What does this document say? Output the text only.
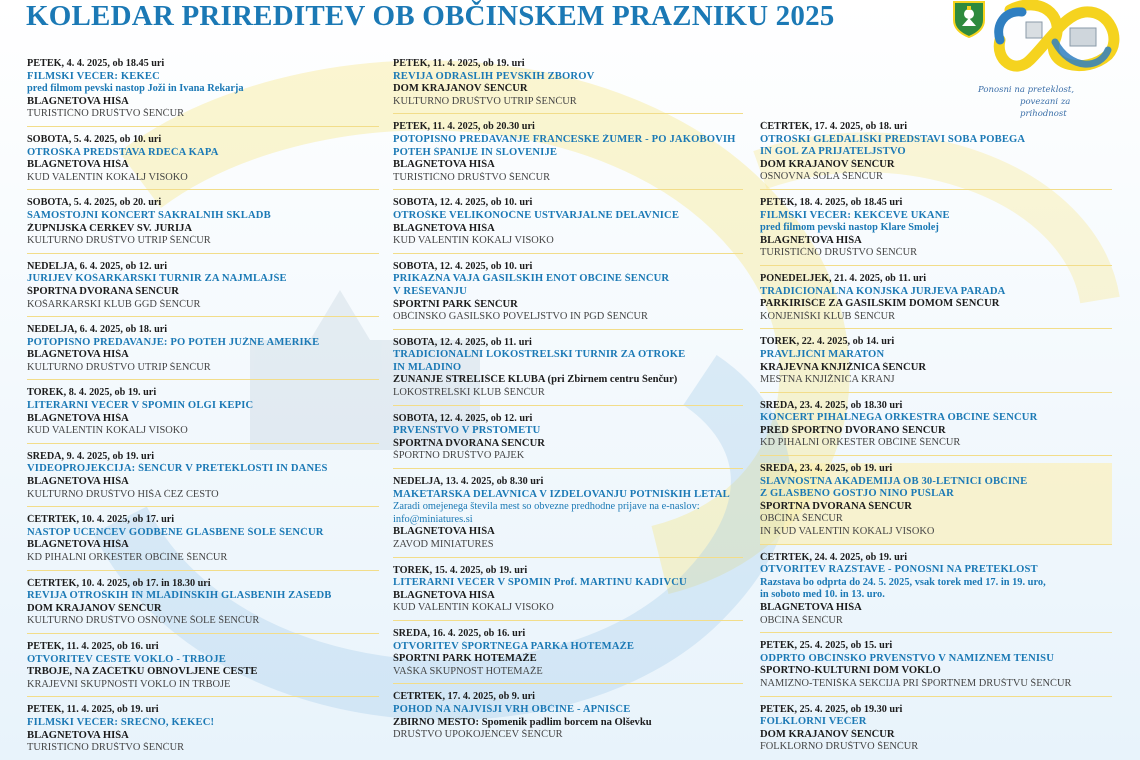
KOLEDAR PRIREDITEV OB OBČINSKEM PRAZNIKU 2025
Ponosni na preteklost,
povezani za prihodnost
PETEK, 4. 4. 2025, ob 18.45 uri
FILMSKI VEČER: KEKEC
pred filmom pevski nastop Joži in Ivana Rekarja
BLAGNETOVA HIŠA
TURISTIČNO DRUŠTVO ŠENČUR
SOBOTA, 5. 4. 2025, ob 10. uri
OTROŠKA PREDSTAVA RDEČA KAPA
BLAGNETOVA HIŠA
KUD VALENTIN KOKALJ VISOKO
SOBOTA, 5. 4. 2025, ob 20. uri
SAMOSTOJNI KONCERT SAKRALNIH SKLADB
ŽUPNIJSKA CERKEV SV. JURIJA
KULTURNO DRUŠTVO UTRIP ŠENČUR
NEDELJA, 6. 4. 2025, ob 12. uri
JURIJEV KOŠARKARSKI TURNIR ZA NAJMLAJŠE
ŠPORTNA DVORANA ŠENČUR
KOŠARKARSKI KLUB GGD ŠENČUR
NEDELJA, 6. 4. 2025, ob 18. uri
POTOPISNO PREDAVANJE: PO POTEH JUŽNE AMERIKE
BLAGNETOVA HIŠA
KULTURNO DRUŠTVO UTRIP ŠENČUR
TOREK, 8. 4. 2025, ob 19. uri
LITERARNI VEČER V SPOMIN OLGI KEPIC
BLAGNETOVA HIŠA
KUD VALENTIN KOKALJ VISOKO
SREDA, 9. 4. 2025, ob 19. uri
VIDEOPROJEKCIJA: ŠENČUR V PRETEKLOSTI IN DANES
BLAGNETOVA HIŠA
KULTURNO DRUŠTVO HIŠA ČEZ CESTO
ČETRTEK, 10. 4. 2025, ob 17. uri
NASTOP UČENCEV GODBENE GLASBENE ŠOLE ŠENČUR
BLAGNETOVA HIŠA
KD PIHALNI ORKESTER OBČINE ŠENČUR
ČETRTEK, 10. 4. 2025, ob 17. in 18.30 uri
REVIJA OTROŠKIH IN MLADINSKIH GLASBENIH ZASEDB
DOM KRAJANOV ŠENČUR
KULTURNO DRUŠTVO OSNOVNE ŠOLE ŠENČUR
PETEK, 11. 4. 2025, ob 16. uri
OTVORITEV CESTE VOKLO - TRBOJE
TRBOJE, NA ZAČETKU OBNOVLJENE CESTE
KRAJEVNI SKUPNOSTI VOKLO IN TRBOJE
PETEK, 11. 4. 2025, ob 19. uri
FILMSKI VEČER: SREČNO, KEKEC!
BLAGNETOVA HIŠA
TURISTIČNO DRUŠTVO ŠENČUR
PETEK, 11. 4. 2025, ob 19. uri
REVIJA ODRASLIH PEVSKIH ZBOROV
DOM KRAJANOV ŠENČUR
KULTURNO DRUŠTVO UTRIP ŠENČUR
PETEK, 11. 4. 2025, ob 20.30 uri
POTOPISNO PREDAVANJE FRANCESKE ŽUMER - PO JAKOBOVIH
POTEH ŠPANIJE IN SLOVENIJE
BLAGNETOVA HIŠA
TURISTIČNO DRUŠTVO ŠENČUR
SOBOTA, 12. 4. 2025, ob 10. uri
OTROŠKE VELIKONOČNE USTVARJALNE DELAVNICE
BLAGNETOVA HIŠA
KUD VALENTIN KOKALJ VISOKO
SOBOTA, 12. 4. 2025, ob 10. uri
PRIKAZNA VAJA GASILSKIH ENOT OBČINE ŠENČUR
V REŠEVANJU
ŠPORTNI PARK ŠENČUR
OBČINSKO GASILSKO POVELJSTVO IN PGD ŠENČUR
SOBOTA, 12. 4. 2025, ob 11. uri
TRADICIONALNI LOKOSTRELSKI TURNIR ZA OTROKE
IN MLADINO
ZUNANJE STRELIŠČE KLUBA (pri Zbirnem centru Šenčur)
LOKOSTRELSKI KLUB ŠENČUR
SOBOTA, 12. 4. 2025, ob 12. uri
PRVENSTVO V PRSTOMETU
ŠPORTNA DVORANA ŠENČUR
ŠPORTNO DRUŠTVO PAJEK
NEDELJA, 13. 4. 2025, ob 8.30 uri
MAKETARSKA DELAVNICA V IZDELOVANJU POTNIŠKIH LETAL
Zaradi omejenega števila mest so obvezne predhodne prijave na e-naslov:
info@miniatures.si
BLAGNETOVA HIŠA
ZAVOD MINIATURES
TOREK, 15. 4. 2025, ob 19. uri
LITERARNI VEČER V SPOMIN Prof. MARTINU KADIVCU
BLAGNETOVA HIŠA
KUD VALENTIN KOKALJ VISOKO
SREDA, 16. 4. 2025, ob 16. uri
OTVORITEV ŠPORTNEGA PARKA HOTEMAŽE
ŠPORTNI PARK HOTEMAŽE
VAŠKA SKUPNOST HOTEMAŽE
ČETRTEK, 17. 4. 2025, ob 9. uri
POHOD NA NAJVIŠJI VRH OBČINE - APNIŠČE
ZBIRNO MESTO: Spomenik padlim borcem na Olševku
DRUŠTVO UPOKOJENCEV ŠENČUR
ČETRTEK, 17. 4. 2025, ob 18. uri
OTROŠKI GLEDALIŠKI PREDSTAVI SOBA POBEGA
IN GOL ZA PRIJATELJSTVO
DOM KRAJANOV ŠENČUR
OSNOVNA ŠOLA ŠENČUR
PETEK, 18. 4. 2025, ob 18.45 uri
FILMSKI VEČER: KEKČEVE UKANE
pred filmom pevski nastop Klare Smolej
BLAGNETOVA HIŠA
TURISTIČNO DRUŠTVO ŠENČUR
PONEDELJEK, 21. 4. 2025, ob 11. uri
TRADICIONALNA KONJSKA JURJEVA PARADA
PARKIRIŠČE ZA GASILSKIM DOMOM ŠENČUR
KONJENIŠKI KLUB ŠENČUR
TOREK, 22. 4. 2025, ob 14. uri
PRAVLJIČNI MARATON
KRAJEVNA KNJIŽNICA ŠENČUR
MESTNA KNJIŽNICA KRANJ
SREDA, 23. 4. 2025, ob 18.30 uri
KONCERT PIHALNEGA ORKESTRA OBČINE ŠENČUR
PRED ŠPORTNO DVORANO ŠENČUR
KD PIHALNI ORKESTER OBČINE ŠENČUR
SREDA, 23. 4. 2025, ob 19. uri
SLAVNOSTNA AKADEMIJA OB 30-LETNICI OBČINE
Z GLASBENO GOSTJO NINO PUŠLAR
ŠPORTNA DVORANA ŠENČUR
OBČINA ŠENČUR
IN KUD VALENTIN KOKALJ VISOKO
ČETRTEK, 24. 4. 2025, ob 19. uri
OTVORITEV RAZSTAVE - PONOSNI NA PRETEKLOST
Razstava bo odprta do 24. 5. 2025, vsak torek med 17. in 19. uro,
in soboto med 10. in 13. uro.
BLAGNETOVA HIŠA
OBČINA ŠENČUR
PETEK, 25. 4. 2025, ob 15. uri
ODPRTO OBČINSKO PRVENSTVO V NAMIZNEM TENISU
ŠPORTNO-KULTURNI DOM VOKLO
NAMIZNO-TENIŠKA SEKCIJA PRI ŠPORTNEM DRUŠTVU ŠENČUR
PETEK, 25. 4. 2025, ob 19.30 uri
FOLKLORNI VEČER
DOM KRAJANOV ŠENČUR
FOLKLORNO DRUŠTVO ŠENČUR
